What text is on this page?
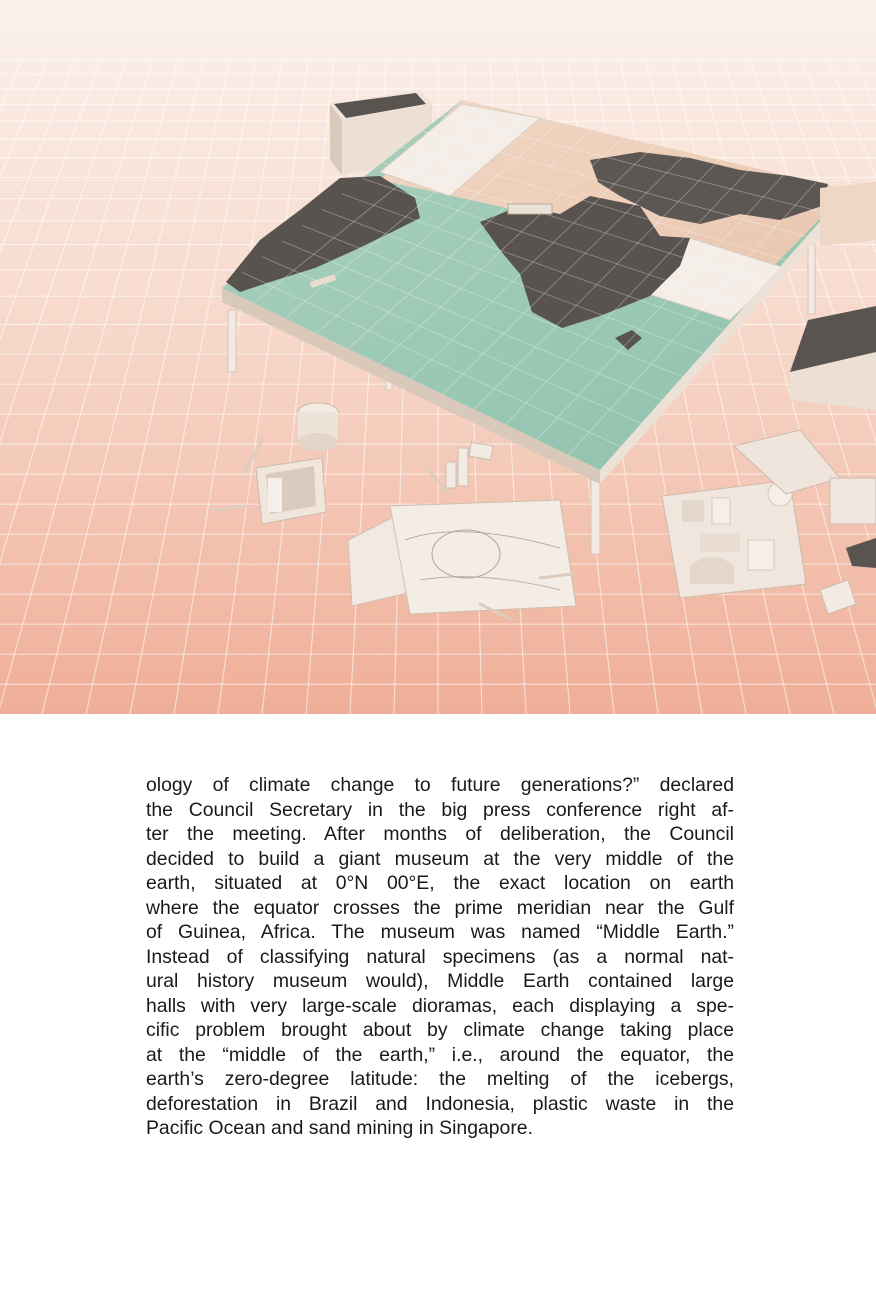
ology of climate change to future generations?” declared
the Council Secretary in the big press conference right af-
ter the meeting. After months of deliberation, the Council
decided to build a giant museum at the very middle of the
earth, situated at 0°N 00°E, the exact location on earth
where the equator crosses the prime meridian near the Gulf
of Guinea, Africa. The museum was named “Middle Earth.”
Instead of classifying natural specimens (as a normal nat-
ural history museum would), Middle Earth contained large
halls with very large-scale dioramas, each displaying a spe-
cific problem brought about by climate change taking place
at the “middle of the earth,” i.e., around the equator, the
earth’s zero-degree latitude: the melting of the icebergs,
deforestation in Brazil and Indonesia, plastic waste in the
Pacific Ocean and sand mining in Singapore.
